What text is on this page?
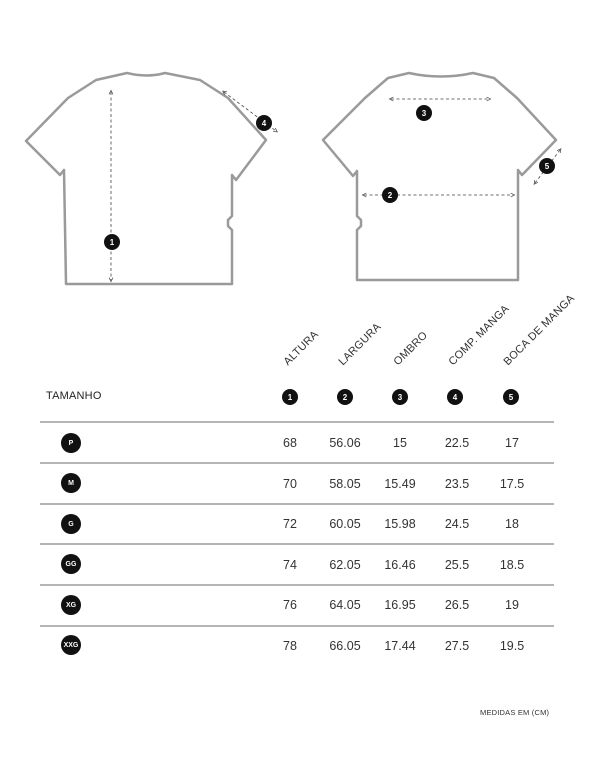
1
4
3
2
5
ALTURA LARGURA OMBRO COMP. MANGA
BOCA DE MANGA
TAMANHO	1	2	3	4	5
P	68	56.06	15	22.5	17
M	70	58.05	15.49	23.5	17.5
G	72	60.05	15.98	24.5	18
GG	74	62.05	16.46	25.5	18.5
XG	76	64.05	16.95	26.5	19
XXG	78	66.05	17.44	27.5	19.5
MEDIDAS EM (CM)
